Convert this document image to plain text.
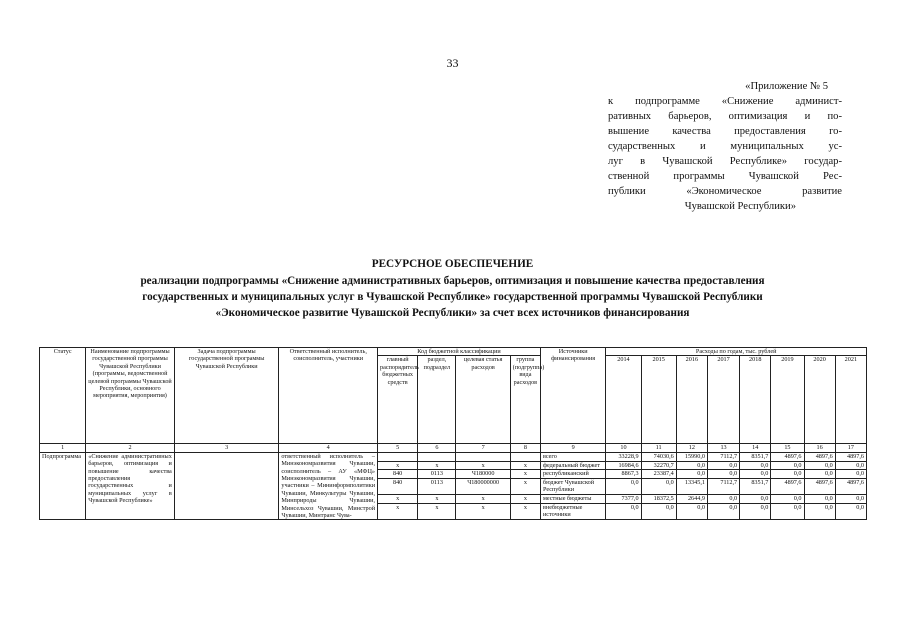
33
«Приложение № 5
к подпрограмме «Снижение админист-
ративных барьеров, оптимизация и по-
вышение качества предоставления го-
сударственных и муниципальных ус-
луг в Чувашской Республике» государ-
ственной программы Чувашской Рес-
публики «Экономическое развитие
Чувашской Республики»
РЕСУРСНОЕ ОБЕСПЕЧЕНИЕ
реализации подпрограммы «Снижение административных барьеров, оптимизация и повышение качества предоставления
государственных и муниципальных услуг в Чувашской Республике» государственной программы Чувашской Республики
«Экономическое развитие Чувашской Республики» за счет всех источников финансирования
Статус	Наименование подпрограммы государственной программы Чувашской Республики (программы, ведомственной целевой программы Чувашской Республики, основного мероприятия, мероприятия)	Задача подпрограммы государственной программы Чувашской Республики	Ответственный исполнитель, соисполнитель, участники	Код бюджетной классификации				Источники финансирования	Расходы по годам, тыс. рублей							
				главный распорядитель бюджетных средств	раздел, подраздел	целевая статья расходов	группа (подгруппа) вида расходов		2014	2015	2016	2017	2018	2019	2020	2021
1	2	3	4	5	6	7	8	9	10	11	12	13	14	15	16	17
Подпрограмма	«Снижение административных барьеров, оптимизация и повышение качества предоставления государственных и муниципальных услуг в Чувашской Республике»		ответственный исполнитель – Минэкономразвития Чувашии, соисполнитель – АУ «МФЦ» Минэкономразвития Чувашии, участники – Мининформполитики Чувашии, Минкультуры Чувашии, Минприроды Чувашии, Минсельхоз Чувашии, Минстрой Чувашии, Минтранс Чува-					всего	33228,9	74030,6	15990,0	7112,7	8351,7	4897,6	4897,6	4897,6
				x	x	x	x	федеральный бюджет	16984,6	32270,7	0,0	0,0	0,0	0,0	0,0	0,0
				840	0113	Ч180000	x	республиканский	8867,3	23387,4	0,0	0,0	0,0	0,0	0,0	0,0
				840	0113	Ч180000000	x	бюджет Чувашской Республики	0,0	0,0	13345,1	7112,7	8351,7	4897,6	4897,6	4897,6
				x	x	x	x	местные бюджеты	7377,0	18372,5	2644,9	0,0	0,0	0,0	0,0	0,0
				x	x	x	x	внебюджетные источники	0,0	0,0	0,0	0,0	0,0	0,0	0,0	0,0
